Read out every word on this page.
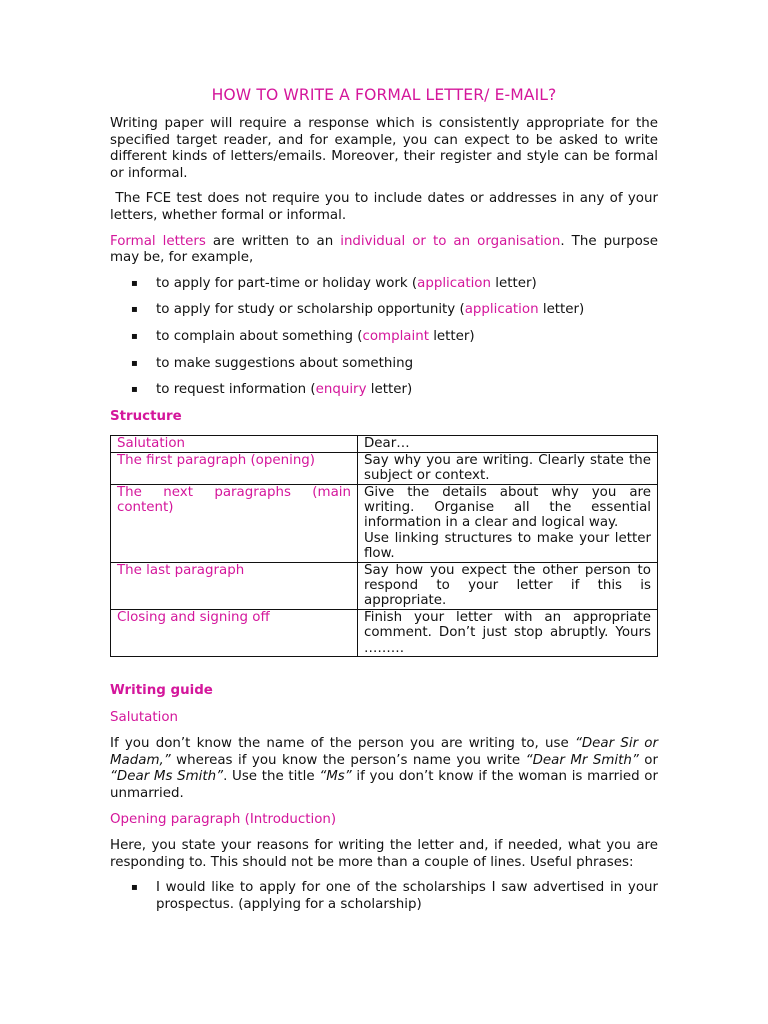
HOW TO WRITE A FORMAL LETTER/ E-MAIL?

Writing paper will require a response which is consistently appropriate for the specified target reader, and for example, you can expect to be asked to write different kinds of letters/emails. Moreover, their register and style can be formal or informal.

The FCE test does not require you to include dates or addresses in any of your letters, whether formal or informal.

Formal letters are written to an individual or to an organisation. The purpose may be, for example,

▪ to apply for part-time or holiday work (application letter)
▪ to apply for study or scholarship opportunity (application letter)
▪ to complain about something (complaint letter)
▪ to make suggestions about something
▪ to request information (enquiry letter)
Structure
Salutation	Dear…
The first paragraph (opening)	Say why you are writing. Clearly state the subject or context.
The next paragraphs (main content)	Give the details about why you are writing. Organise all the essential information in a clear and logical way.
Use linking structures to make your letter flow.

The last paragraph	Say how you expect the other person to respond to your letter if this is appropriate.
Closing and signing off	Finish your letter with an appropriate comment. Don’t just stop abruptly. Yours ………
Writing guide
Salutation

If you don’t know the name of the person you are writing to, use “Dear Sir or Madam,” whereas if you know the person’s name you write “Dear Mr Smith” or “Dear Ms Smith”. Use the title “Ms” if you don’t know if the woman is married or unmarried.

Opening paragraph (Introduction)

Here, you state your reasons for writing the letter and, if needed, what you are responding to. This should not be more than a couple of lines. Useful phrases:

▪ I would like to apply for one of the scholarships I saw advertised in your prospectus. (applying for a scholarship)
